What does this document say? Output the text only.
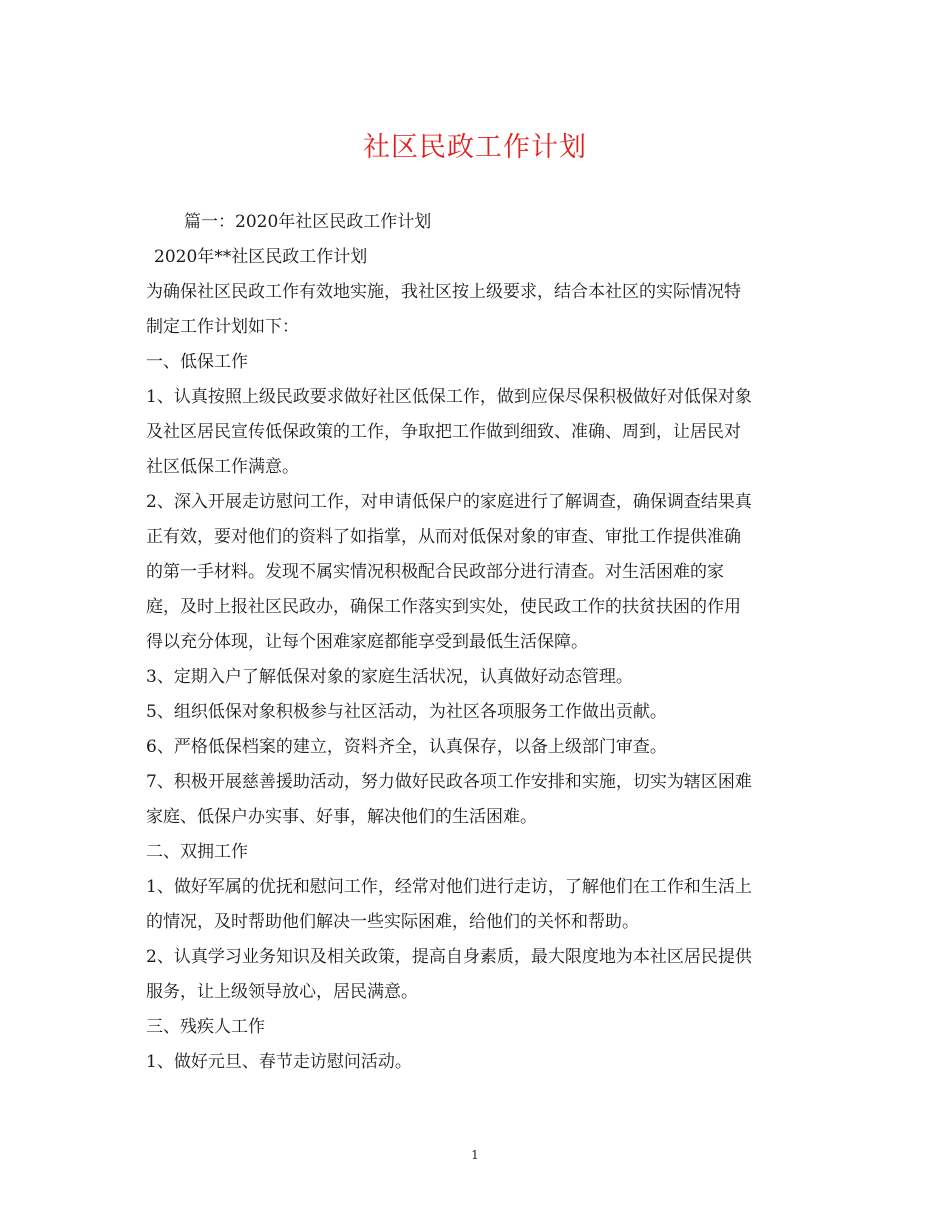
社区民政工作计划
篇一：2020年社区民政工作计划
2020年**社区民政工作计划
为确保社区民政工作有效地实施，我社区按上级要求，结合本社区的实际情况特
制定工作计划如下：
一、低保工作
1、认真按照上级民政要求做好社区低保工作，做到应保尽保积极做好对低保对象
及社区居民宣传低保政策的工作，争取把工作做到细致、准确、周到，让居民对
社区低保工作满意。
2、深入开展走访慰问工作，对申请低保户的家庭进行了解调查，确保调查结果真
正有效，要对他们的资料了如指掌，从而对低保对象的审查、审批工作提供准确
的第一手材料。发现不属实情况积极配合民政部分进行清查。对生活困难的家
庭，及时上报社区民政办，确保工作落实到实处，使民政工作的扶贫扶困的作用
得以充分体现，让每个困难家庭都能享受到最低生活保障。
3、定期入户了解低保对象的家庭生活状况，认真做好动态管理。
5、组织低保对象积极参与社区活动，为社区各项服务工作做出贡献。
6、严格低保档案的建立，资料齐全，认真保存，以备上级部门审查。
7、积极开展慈善援助活动，努力做好民政各项工作安排和实施，切实为辖区困难
家庭、低保户办实事、好事，解决他们的生活困难。
二、双拥工作
1、做好军属的优抚和慰问工作，经常对他们进行走访，了解他们在工作和生活上
的情况，及时帮助他们解决一些实际困难，给他们的关怀和帮助。
2、认真学习业务知识及相关政策，提高自身素质，最大限度地为本社区居民提供
服务，让上级领导放心，居民满意。
三、残疾人工作
1、做好元旦、春节走访慰问活动。
1
